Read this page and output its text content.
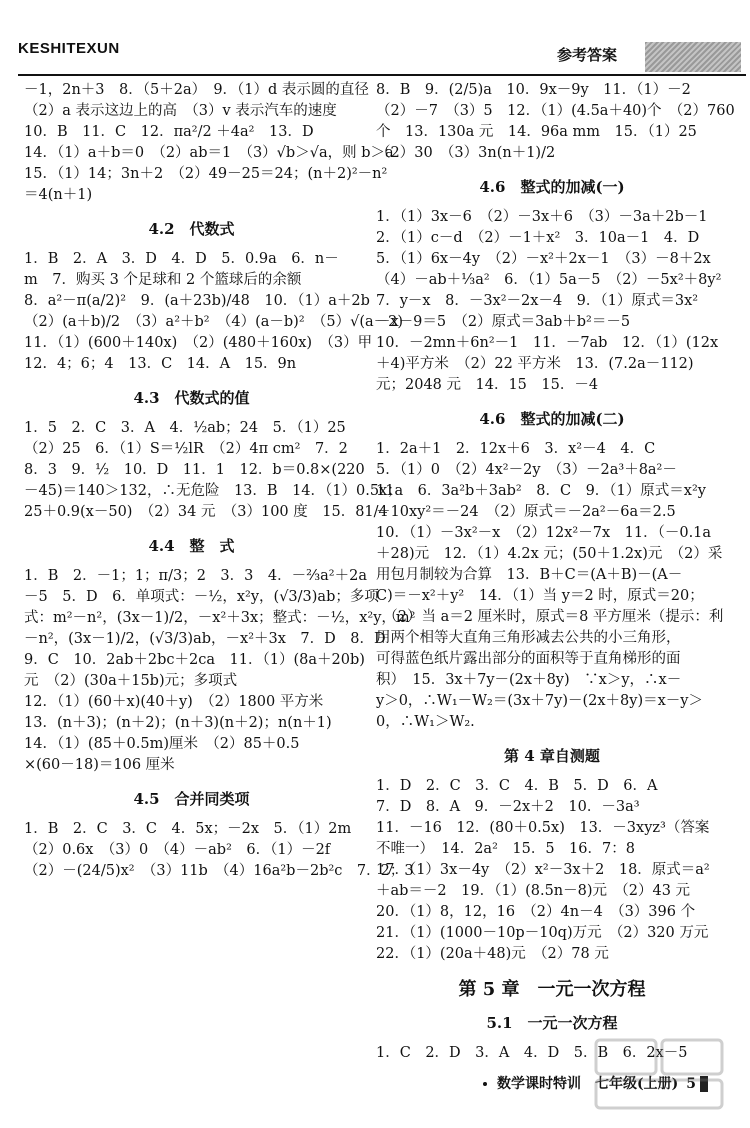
KESHITEXUN	参考答案
－1，2n＋3　8．（5＋2a）　9．（1）d 表示圆的直径
（2）a 表示这边上的高　（3）v 表示汽车的速度
10．B　11．C　12．πa²/2 ＋4a²　13．D
14．（1）a＋b＝0　（2）ab＝1　（3）√b＞√a，则 b＞a
15．（1）14；3n＋2　（2）49－25＝24；(n＋2)²－n²
＝4(n＋1)
4.2　代数式
1．B　2．A　3．D　4．D　5．0.9a　6．n－
m　7．购买 3 个足球和 2 个篮球后的余额
8．a²－π(a/2)²　9．(a＋23b)/48　10．（1）a＋2b
（2）(a＋b)/2　（3）a²＋b²　（4）(a－b)²　（5）√(a－2)
11．（1）(600＋140x)　（2）(480＋160x)　（3）甲
12．4；6；4　13．C　14．A　15．9n
4.3　代数式的值
1．5　2．C　3．A　4．½ab；24　5．（1）25
（2）25　6．（1）S＝½lR　（2）4π cm²　7．2
8．3　9．½　10．D　11．1　12．b＝0.8×(220
－45)＝140＞132，∴无危险　13．B　14．（1）0.5x；
25＋0.9(x－50)　（2）34 元　（3）100 度　15．81/4
4.4　整　式
1．B　2．－1；1；π/3；2　3．3　4．－⅔a²＋2a
－5　5．D　6．单项式：－½，x²y，(√3/3)ab；多项
式：m²－n²，(3x－1)/2，－x²＋3x；整式：－½，x²y，m²
－n²，(3x－1)/2，(√3/3)ab，－x²＋3x　7．D　8．D
9．C　10．2ab＋2bc＋2ca　11．（1）(8a＋20b)
元　（2）(30a＋15b)元；多项式
12．（1）(60＋x)(40＋y)　（2）1800 平方米
13．(n＋3)；(n＋2)；(n＋3)(n＋2)；n(n＋1)
14．（1）(85＋0.5m)厘米　（2）85＋0.5
×(60－18)＝106 厘米
4.5　合并同类项
1．B　2．C　3．C　4．5x；－2x　5．（1）2m
（2）0.6x　（3）0　（4）－ab²　6．（1）－2f
（2）－(24/5)x²　（3）11b　（4）16a²b－2b²c　7．2；3
8．B　9．(2/5)a　10．9x－9y　11．（1）－2
（2）－7　（3）5　12．（1）(4.5a＋40)个　（2）760
个　13．130a 元　14．96a mm　15．（1）25
（2）30　（3）3n(n＋1)/2
4.6　整式的加减(一)
1．（1）3x－6　（2）－3x＋6　（3）－3a＋2b－1
2．（1）c－d　（2）－1＋x²　3．10a－1　4．D
5．（1）6x－4y　（2）－x²＋2x－1　（3）－8＋2x
（4）－ab＋⅓a²　6．（1）5a－5　（2）－5x²＋8y²
7．y－x　8．－3x²－2x－4　9．（1）原式＝3x²
－x－9＝5　（2）原式＝3ab＋b²＝－5
10．－2mn＋6n²－1　11．－7ab　12．（1）(12x
＋4)平方米　（2）22 平方米　13．(7.2a－112)
元；2048 元　14．15　15．－4
4.6　整式的加减(二)
1．2a＋1　2．12x＋6　3．x²－4　4．C
5．（1）0　（2）4x²－2y　（3）－2a³＋8a²－
11a　6．3a²b＋3ab²　8．C　9．（1）原式＝x²y
－10xy²＝－24　（2）原式＝－2a²－6a＝2.5
10．（1）－3x²－x　（2）12x²－7x　11．（－0.1a
＋28)元　12．（1）4.2x 元；(50＋1.2x)元　（2）采
用包月制较为合算　13．B＋C＝(A＋B)－(A－
C)＝－x²＋y²　14．（1）当 y＝2 时，原式＝20；
　（2）当 a＝2 厘米时，原式＝8 平方厘米（提示：利
用两个相等大直角三角形减去公共的小三角形，
可得蓝色纸片露出部分的面积等于直角梯形的面
积）　15．3x＋7y－(2x＋8y)　∵x＞y，∴x－
y＞0，∴W₁－W₂＝(3x＋7y)－(2x＋8y)＝x－y＞
0，∴W₁＞W₂.
第 4 章自测题
1．D　2．C　3．C　4．B　5．D　6．A
7．D　8．A　9．－2x＋2　10．－3a³
11．－16　12．(80＋0.5x)　13．－3xyz³（答案
不唯一）　14．2a²　15．5　16．7：8
17．（1）3x－4y　（2）x²－3x＋2　18．原式＝a²
＋ab＝－2　19．（1）(8.5n－8)元　（2）43 元
20．（1）8，12，16　（2）4n－4　（3）396 个
21．（1）(1000－10p－10q)万元　（2）320 万元
22．（1）(20a＋48)元　（2）78 元
第 5 章　一元一次方程
5.1　一元一次方程
1．C　2．D　3．A　4．D　5．B　6．2x－5
数学课时特训　七年级(上册) 5
